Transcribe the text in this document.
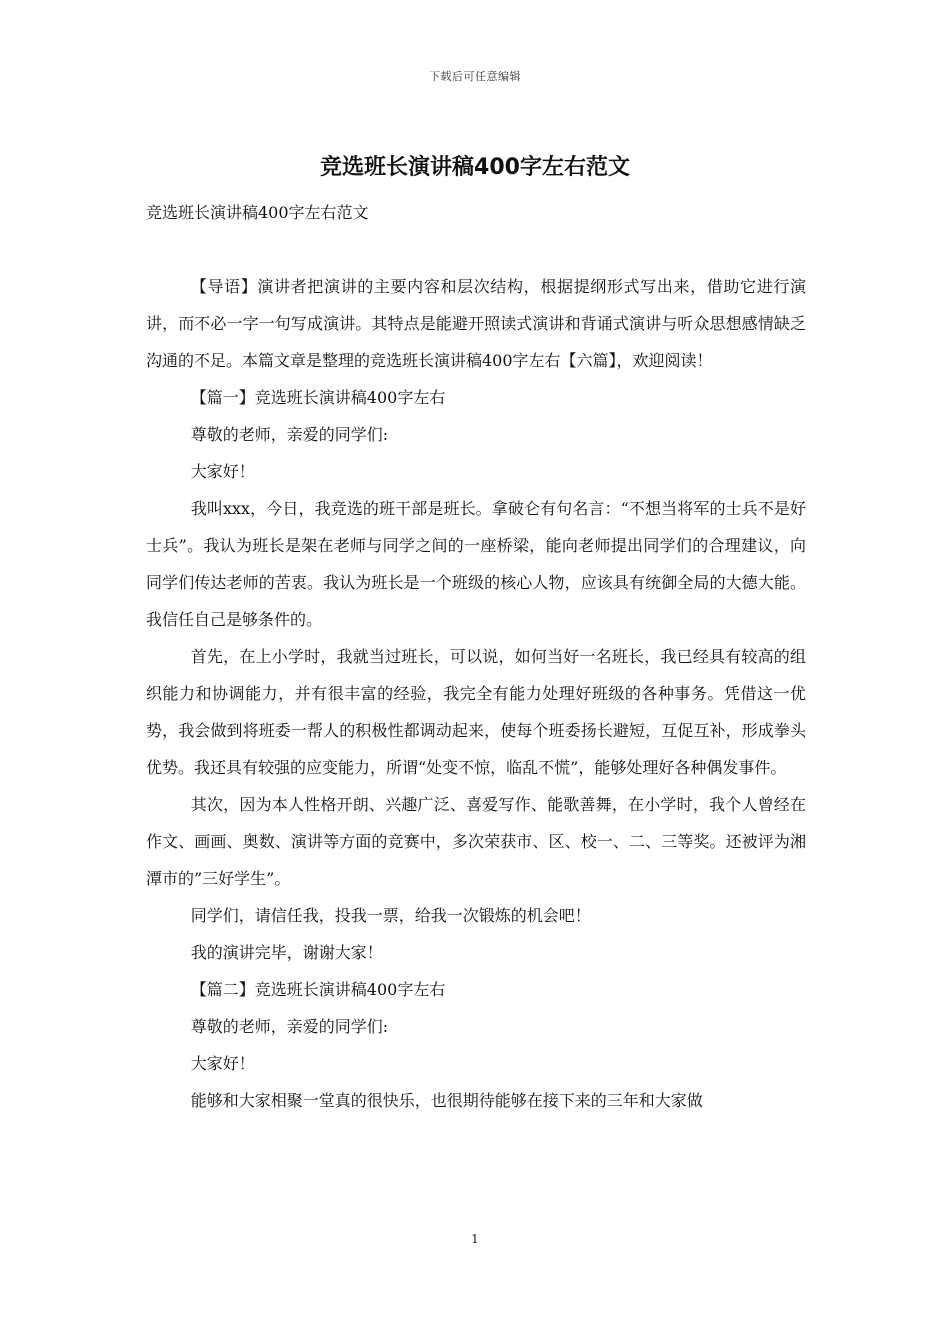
下载后可任意编辑
竞选班长演讲稿400字左右范文
竞选班长演讲稿400字左右范文

【导语】演讲者把演讲的主要内容和层次结构，根据提纲形式写出来，借助它进行演讲，而不必一字一句写成演讲。其特点是能避开照读式演讲和背诵式演讲与听众思想感情缺乏沟通的不足。本篇文章是整理的竞选班长演讲稿400字左右【六篇】，欢迎阅读！

【篇一】竞选班长演讲稿400字左右

尊敬的老师，亲爱的同学们:

大家好！

我叫xxx，今日，我竞选的班干部是班长。拿破仑有句名言：“不想当将军的士兵不是好士兵”。我认为班长是架在老师与同学之间的一座桥梁，能向老师提出同学们的合理建议，向同学们传达老师的苦衷。我认为班长是一个班级的核心人物，应该具有统御全局的大德大能。我信任自己是够条件的。

首先，在上小学时，我就当过班长，可以说，如何当好一名班长，我已经具有较高的组织能力和协调能力，并有很丰富的经验，我完全有能力处理好班级的各种事务。凭借这一优势，我会做到将班委一帮人的积极性都调动起来，使每个班委扬长避短，互促互补，形成拳头优势。我还具有较强的应变能力，所谓“处变不惊，临乱不慌”，能够处理好各种偶发事件。

其次，因为本人性格开朗、兴趣广泛、喜爱写作、能歌善舞，在小学时，我个人曾经在作文、画画、奥数、演讲等方面的竞赛中，多次荣获市、区、校一、二、三等奖。还被评为湘潭市的”三好学生”。

同学们，请信任我，投我一票，给我一次锻炼的机会吧！

我的演讲完毕，谢谢大家！

【篇二】竞选班长演讲稿400字左右

尊敬的老师，亲爱的同学们:

大家好！

能够和大家相聚一堂真的很快乐，也很期待能够在接下来的三年和大家做

1
